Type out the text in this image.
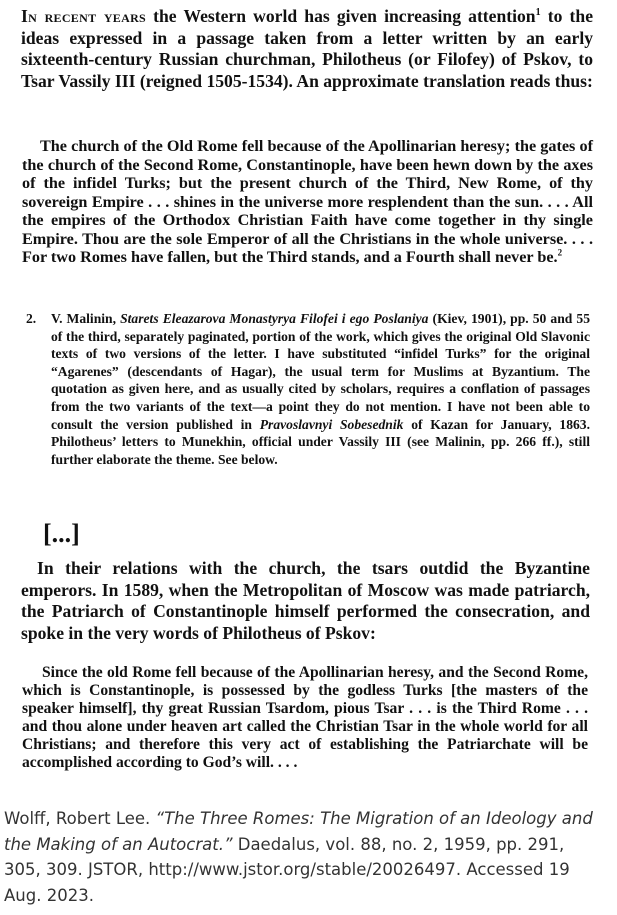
In recent years the Western world has given increasing attention$^1$ to the ideas expressed in a passage taken from a letter written by an early sixteenth-century Russian churchman, Philotheus (or Filofey) of Pskov, to Tsar Vassily III (reigned 1505-1534). An approximate translation reads thus:

The church of the Old Rome fell because of the Apollinarian heresy; the gates of the church of the Second Rome, Constantinople, have been hewn down by the axes of the infidel Turks; but the present church of the Third, New Rome, of thy sovereign Empire . . . shines in the universe more resplendent than the sun. . . . All the empires of the Orthodox Christian Faith have come together in thy single Empire. Thou are the sole Emperor of all the Christians in the whole universe. . . . For two Romes have fallen, but the Third stands, and a Fourth shall never be.$^2$

2. V. Malinin, Starets Eleazarova Monastyrya Filofei i ego Poslaniya (Kiev, 1901), pp. 50 and 55 of the third, separately paginated, portion of the work, which gives the original Old Slavonic texts of two versions of the letter. I have substituted “infidel Turks” for the original “Agarenes” (descendants of Hagar), the usual term for Muslims at Byzantium. The quotation as given here, and as usually cited by scholars, requires a conflation of passages from the two variants of the text—a point they do not mention. I have not been able to consult the version published in Pravoslavnyi Sobesednik of Kazan for January, 1863. Philotheus’ letters to Munekhin, official under Vassily III (see Malinin, pp. 266 ff.), still further elaborate the theme. See below.
[...]

In their relations with the church, the tsars outdid the Byzantine emperors. In 1589, when the Metropolitan of Moscow was made patriarch, the Patriarch of Constantinople himself performed the consecration, and spoke in the very words of Philotheus of Pskov:

Since the old Rome fell because of the Apollinarian heresy, and the Second Rome, which is Constantinople, is possessed by the godless Turks [the masters of the speaker himself], thy great Russian Tsardom, pious Tsar . . . is the Third Rome . . . and thou alone under heaven art called the Christian Tsar in the whole world for all Christians; and therefore this very act of establishing the Patriarchate will be accomplished according to God’s will. . . .

Wolff, Robert Lee. “The Three Romes: The Migration of an Ideology and the Making of an Autocrat.” Daedalus, vol. 88, no. 2, 1959, pp. 291, 305, 309. JSTOR, http://www.jstor.org/stable/20026497. Accessed 19 Aug. 2023.
